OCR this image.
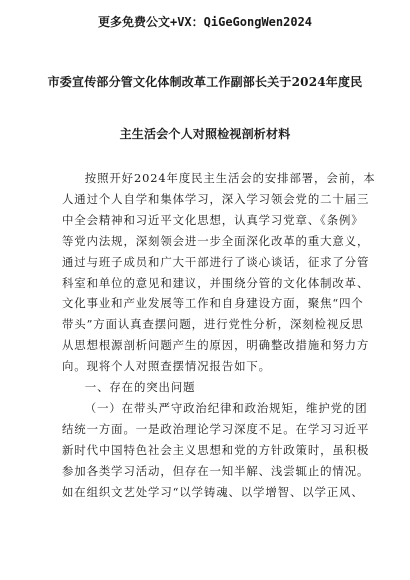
更多免费公文+VX：QiGeGongWen2024
市委宣传部分管文化体制改革工作副部长关于2024年度民
主生活会个人对照检视剖析材料
按照开好2024年度民主生活会的安排部署，会前，本
人通过个人自学和集体学习，深入学习领会党的二十届三
中全会精神和习近平文化思想，认真学习党章、《条例》
等党内法规，深刻领会进一步全面深化改革的重大意义，
通过与班子成员和广大干部进行了谈心谈话，征求了分管
科室和单位的意见和建议，并围绕分管的文化体制改革、
文化事业和产业发展等工作和自身建设方面，聚焦“四个
带头”方面认真查摆问题，进行党性分析，深刻检视反思
从思想根源剖析问题产生的原因，明确整改措施和努力方
向。现将个人对照查摆情况报告如下。
一、存在的突出问题
（一）在带头严守政治纪律和政治规矩，维护党的团
结统一方面。一是政治理论学习深度不足。在学习习近平
新时代中国特色社会主义思想和党的方针政策时，虽积极
参加各类学习活动，但存在一知半解、浅尝辄止的情况。
如在组织文艺处学习“以学铸魂、以学增智、以学正风、
